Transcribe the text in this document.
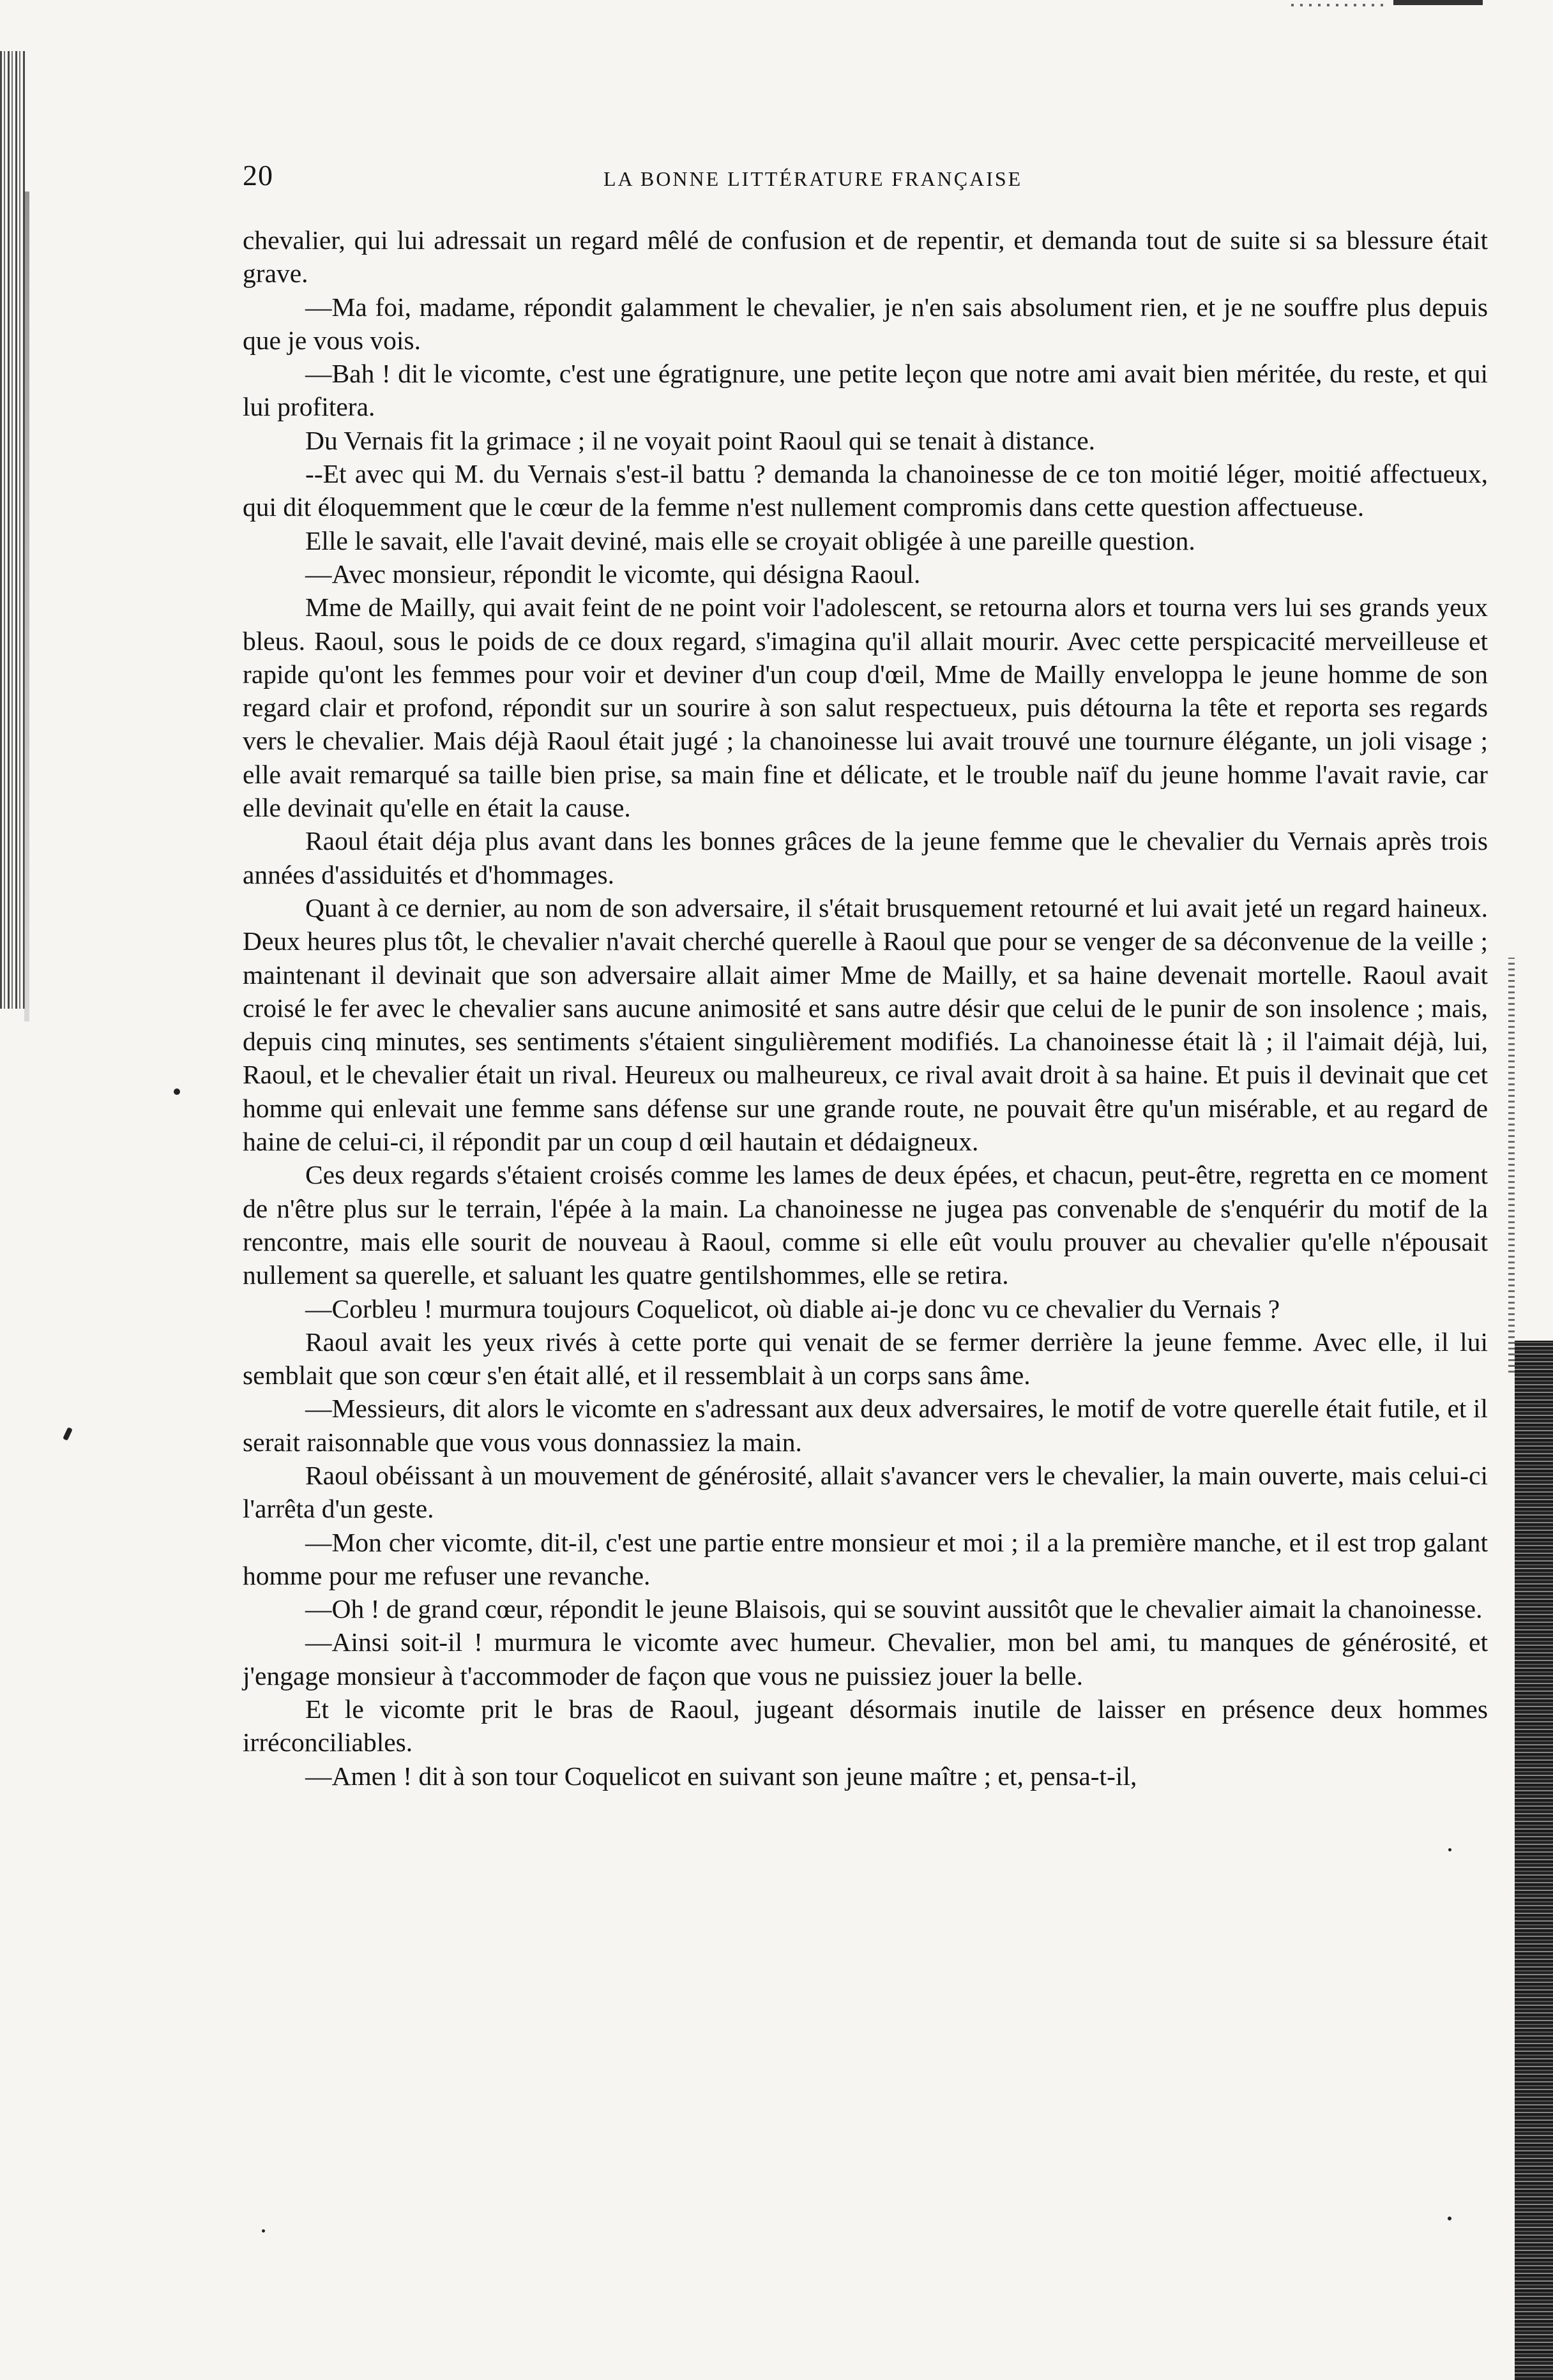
20	LA BONNE LITTÉRATURE FRANÇAISE

chevalier, qui lui adressait un regard mêlé de confusion et de repentir, et demanda tout de suite si sa blessure était grave.

—Ma foi, madame, répondit galamment le chevalier, je n'en sais absolument rien, et je ne souffre plus depuis que je vous vois.

—Bah ! dit le vicomte, c'est une égratignure, une petite leçon que notre ami avait bien méritée, du reste, et qui lui profitera.

Du Vernais fit la grimace ; il ne voyait point Raoul qui se tenait à distance.

--Et avec qui M. du Vernais s'est-il battu ? demanda la chanoinesse de ce ton moitié léger, moitié affectueux, qui dit éloquemment que le cœur de la femme n'est nullement compromis dans cette question affectueuse.

Elle le savait, elle l'avait deviné, mais elle se croyait obligée à une pareille question.

—Avec monsieur, répondit le vicomte, qui désigna Raoul.

Mme de Mailly, qui avait feint de ne point voir l'adolescent, se retourna alors et tourna vers lui ses grands yeux bleus. Raoul, sous le poids de ce doux regard, s'imagina qu'il allait mourir. Avec cette perspicacité merveilleuse et rapide qu'ont les femmes pour voir et deviner d'un coup d'œil, Mme de Mailly enveloppa le jeune homme de son regard clair et profond, répondit sur un sourire à son salut respectueux, puis détourna la tête et reporta ses regards vers le chevalier. Mais déjà Raoul était jugé ; la chanoinesse lui avait trouvé une tournure élégante, un joli visage ; elle avait remarqué sa taille bien prise, sa main fine et délicate, et le trouble naïf du jeune homme l'avait ravie, car elle devinait qu'elle en était la cause.

Raoul était déja plus avant dans les bonnes grâces de la jeune femme que le chevalier du Vernais après trois années d'assiduités et d'hommages.

Quant à ce dernier, au nom de son adversaire, il s'était brusquement retourné et lui avait jeté un regard haineux. Deux heures plus tôt, le chevalier n'avait cherché querelle à Raoul que pour se venger de sa déconvenue de la veille ; maintenant il devinait que son adversaire allait aimer Mme de Mailly, et sa haine devenait mortelle. Raoul avait croisé le fer avec le chevalier sans aucune animosité et sans autre désir que celui de le punir de son insolence ; mais, depuis cinq minutes, ses sentiments s'étaient singulièrement modifiés. La chanoinesse était là ; il l'aimait déjà, lui, Raoul, et le chevalier était un rival. Heureux ou malheureux, ce rival avait droit à sa haine. Et puis il devinait que cet homme qui enlevait une femme sans défense sur une grande route, ne pouvait être qu'un misérable, et au regard de haine de celui-ci, il répondit par un coup d œil hautain et dédaigneux.

Ces deux regards s'étaient croisés comme les lames de deux épées, et chacun, peut-être, regretta en ce moment de n'être plus sur le terrain, l'épée à la main. La chanoinesse ne jugea pas convenable de s'enquérir du motif de la rencontre, mais elle sourit de nouveau à Raoul, comme si elle eût voulu prouver au chevalier qu'elle n'épousait nullement sa querelle, et saluant les quatre gentilshommes, elle se retira.

—Corbleu ! murmura toujours Coquelicot, où diable ai-je donc vu ce chevalier du Vernais ?

Raoul avait les yeux rivés à cette porte qui venait de se fermer derrière la jeune femme. Avec elle, il lui semblait que son cœur s'en était allé, et il ressemblait à un corps sans âme.

—Messieurs, dit alors le vicomte en s'adressant aux deux adversaires, le motif de votre querelle était futile, et il serait raisonnable que vous vous donnassiez la main.

Raoul obéissant à un mouvement de générosité, allait s'avancer vers le chevalier, la main ouverte, mais celui-ci l'arrêta d'un geste.

—Mon cher vicomte, dit-il, c'est une partie entre monsieur et moi ; il a la première manche, et il est trop galant homme pour me refuser une revanche.

—Oh ! de grand cœur, répondit le jeune Blaisois, qui se souvint aussitôt que le chevalier aimait la chanoinesse.

—Ainsi soit-il ! murmura le vicomte avec humeur. Chevalier, mon bel ami, tu manques de générosité, et j'engage monsieur à t'accommoder de façon que vous ne puissiez jouer la belle.

Et le vicomte prit le bras de Raoul, jugeant désormais inutile de laisser en présence deux hommes irréconciliables.

—Amen ! dit à son tour Coquelicot en suivant son jeune maître ; et, pensa-t-il,
